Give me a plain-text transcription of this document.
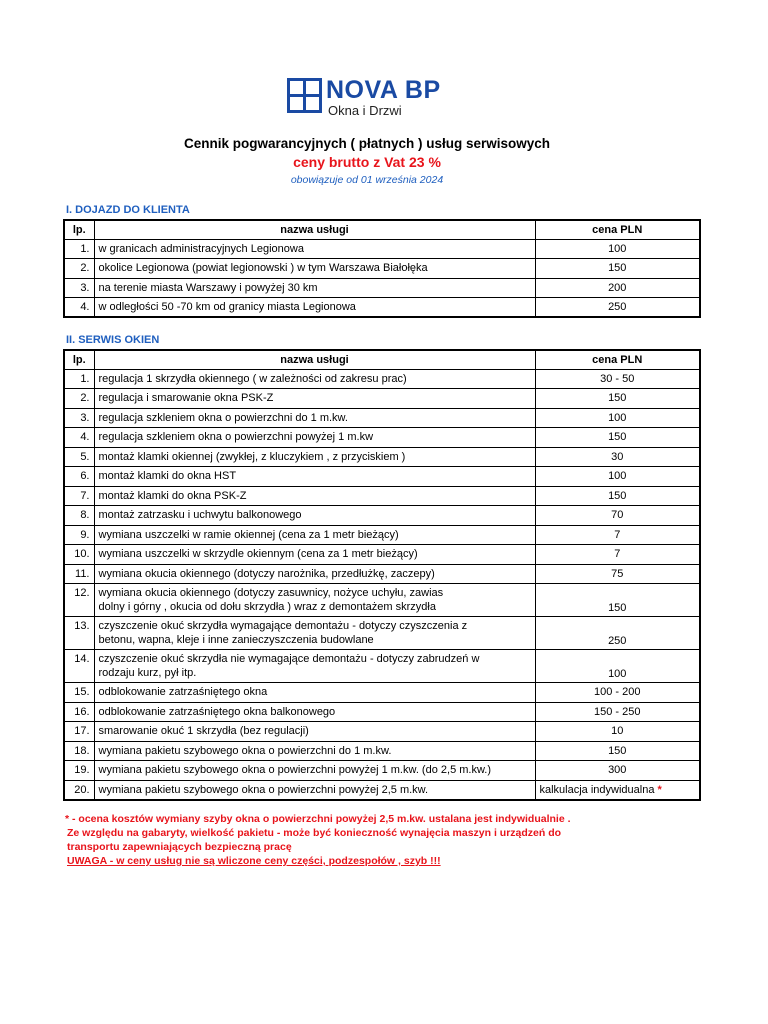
NOVA BP
Okna i Drzwi
Cennik pogwarancyjnych ( płatnych ) usług serwisowych
ceny brutto z Vat 23 %
obowiązuje od 01 września 2024
I. DOJAZD DO KLIENTA
lp.	nazwa usługi	cena PLN
1.	w granicach administracyjnych Legionowa	100
2.	okolice Legionowa (powiat legionowski ) w tym Warszawa Białołęka	150
3.	na terenie miasta Warszawy i powyżej 30 km	200
4.	w odległości 50 -70 km od granicy miasta Legionowa	250
II. SERWIS OKIEN
lp.	nazwa usługi	cena PLN
1.	regulacja 1 skrzydła okiennego ( w zależności od zakresu prac)	30 - 50
2.	regulacja i smarowanie okna PSK-Z	150
3.	regulacja szkleniem okna o powierzchni do 1 m.kw.	100
4.	regulacja szkleniem okna o powierzchni powyżej 1 m.kw	150
5.	montaż klamki okiennej (zwykłej, z kluczykiem , z przyciskiem )	30
6.	montaż klamki do okna HST	100
7.	montaż klamki do okna PSK-Z	150
8.	montaż zatrzasku i uchwytu balkonowego	70
9.	wymiana uszczelki w ramie okiennej (cena za 1 metr bieżący)	7
10.	wymiana uszczelki w skrzydle okiennym (cena za 1 metr bieżący)	7
11.	wymiana okucia okiennego (dotyczy narożnika, przedłużkę, zaczepy)	75
12.	wymiana okucia okiennego (dotyczy zasuwnicy, nożyce uchyłu, zawias
dolny i górny , okucia od dołu skrzydła ) wraz z demontażem skrzydła	150
13.	czyszczenie okuć skrzydła wymagające demontażu - dotyczy czyszczenia z
betonu, wapna, kleje i inne zanieczyszczenia budowlane	250
14.	czyszczenie okuć skrzydła nie wymagające demontażu - dotyczy zabrudzeń w
rodzaju kurz, pył itp.	100
15.	odblokowanie zatrzaśniętego okna	100 - 200
16.	odblokowanie zatrzaśniętego okna balkonowego	150 - 250
17.	smarowanie okuć 1 skrzydła (bez regulacji)	10
18.	wymiana pakietu szybowego okna o powierzchni do 1 m.kw.	150
19.	wymiana pakietu szybowego okna o powierzchni powyżej 1 m.kw. (do 2,5 m.kw.)	300
20.	wymiana pakietu szybowego okna o powierzchni powyżej 2,5 m.kw.	kalkulacja indywidualna *

* - ocena kosztów wymiany szyby okna o powierzchni powyżej 2,5 m.kw. ustalana jest indywidualnie .

Ze względu na gabaryty, wielkość pakietu - może być konieczność wynajęcia maszyn i urządzeń do

transportu zapewniających bezpieczną pracę

UWAGA - w ceny usług nie są wliczone ceny części, podzespołów , szyb !!!
